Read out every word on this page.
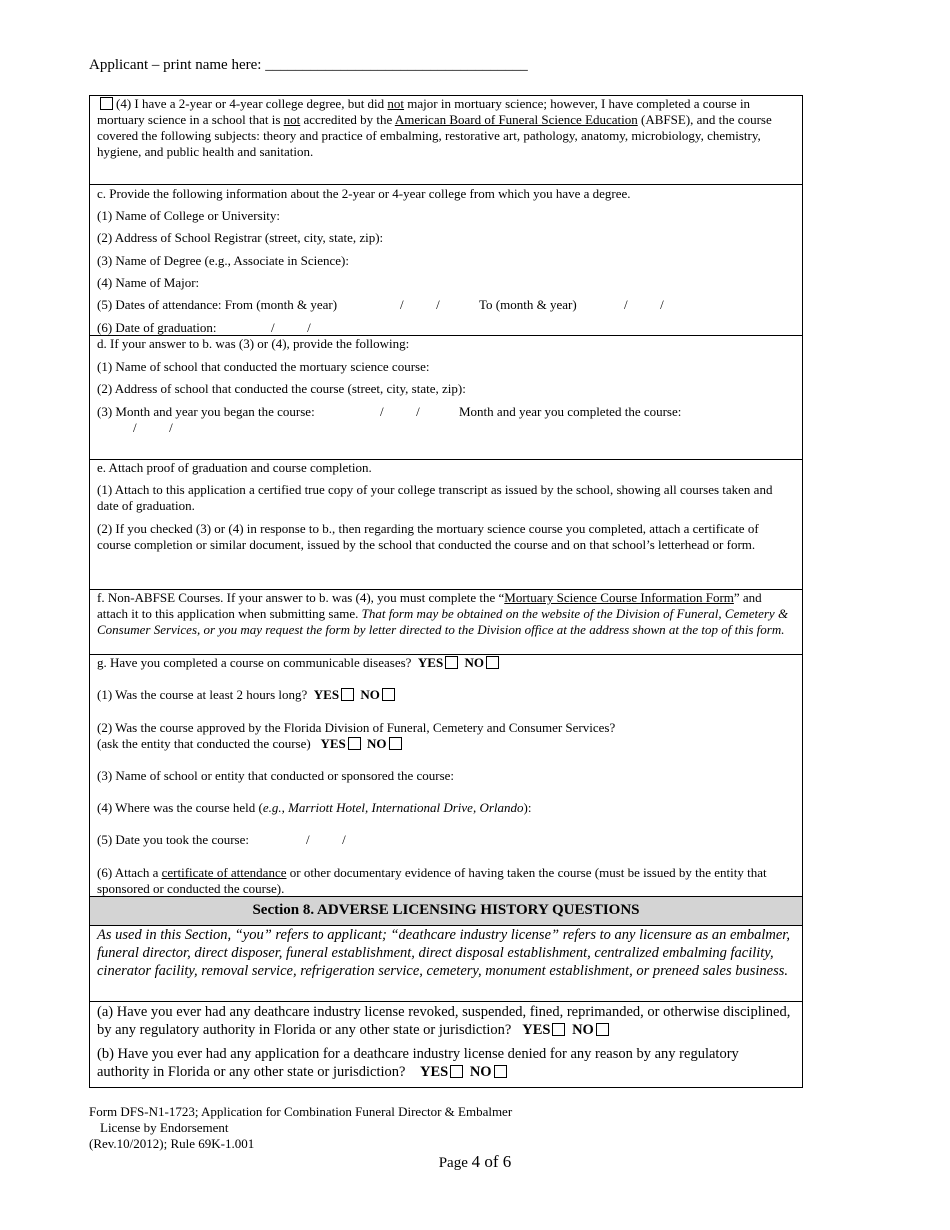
Applicant – print name here: ___________________________________
(4) I have a 2-year or 4-year college degree, but did not major in mortuary science; however, I have completed a course in mortuary science in a school that is not accredited by the American Board of Funeral Science Education (ABFSE), and the course covered the following subjects: theory and practice of embalming, restorative art, pathology, anatomy, microbiology, chemistry, hygiene, and public health and sanitation.
c. Provide the following information about the 2-year or 4-year college from which you have a degree.
(1) Name of College or University:
(2) Address of School Registrar (street, city, state, zip):
(3) Name of Degree (e.g., Associate in Science):
(4) Name of Major:
(5) Dates of attendance: From (month & year)	/          /	To (month & year)	/          /
(6) Date of graduation:	/          /
d. If your answer to b. was (3) or (4), provide the following:
(1) Name of school that conducted the mortuary science course:
(2) Address of school that conducted the course (street, city, state, zip):
(3) Month and year you began the course:	/          /	Month and year you completed the course:
/          /
e. Attach proof of graduation and course completion.
(1) Attach to this application a certified true copy of your college transcript as issued by the school, showing all courses taken and date of graduation.
(2) If you checked (3) or (4) in response to b., then regarding the mortuary science course you completed, attach a certificate of course completion or similar document, issued by the school that conducted the course and on that school’s letterhead or form.
f. Non-ABFSE Courses. If your answer to b. was (4), you must complete the “Mortuary Science Course Information Form” and attach it to this application when submitting same. That form may be obtained on the website of the Division of Funeral, Cemetery & Consumer Services, or you may request the form by letter directed to the Division office at the address shown at the top of this form.
g. Have you completed a course on communicable diseases? YES NO
(1) Was the course at least 2 hours long? YES NO
(2) Was the course approved by the Florida Division of Funeral, Cemetery and Consumer Services?
(ask the entity that conducted the course) YES NO
(3) Name of school or entity that conducted or sponsored the course:
(4) Where was the course held (e.g., Marriott Hotel, International Drive, Orlando):
(5) Date you took the course:	/          /
(6) Attach a certificate of attendance or other documentary evidence of having taken the course (must be issued by the entity that sponsored or conducted the course).
Section 8. ADVERSE LICENSING HISTORY QUESTIONS
As used in this Section, “you” refers to applicant; “deathcare industry license” refers to any licensure as an embalmer, funeral director, direct disposer, funeral establishment, direct disposal establishment, centralized embalming facility, cinerator facility, removal service, refrigeration service, cemetery, monument establishment, or preneed sales business.
(a) Have you ever had any deathcare industry license revoked, suspended, fined, reprimanded, or otherwise disciplined, by any regulatory authority in Florida or any other state or jurisdiction? YES NO
(b) Have you ever had any application for a deathcare industry license denied for any reason by any regulatory authority in Florida or any other state or jurisdiction? YES NO
Form DFS-N1-1723; Application for Combination Funeral Director & Embalmer
License by Endorsement
(Rev.10/2012); Rule 69K-1.001
Page 4 of 6
